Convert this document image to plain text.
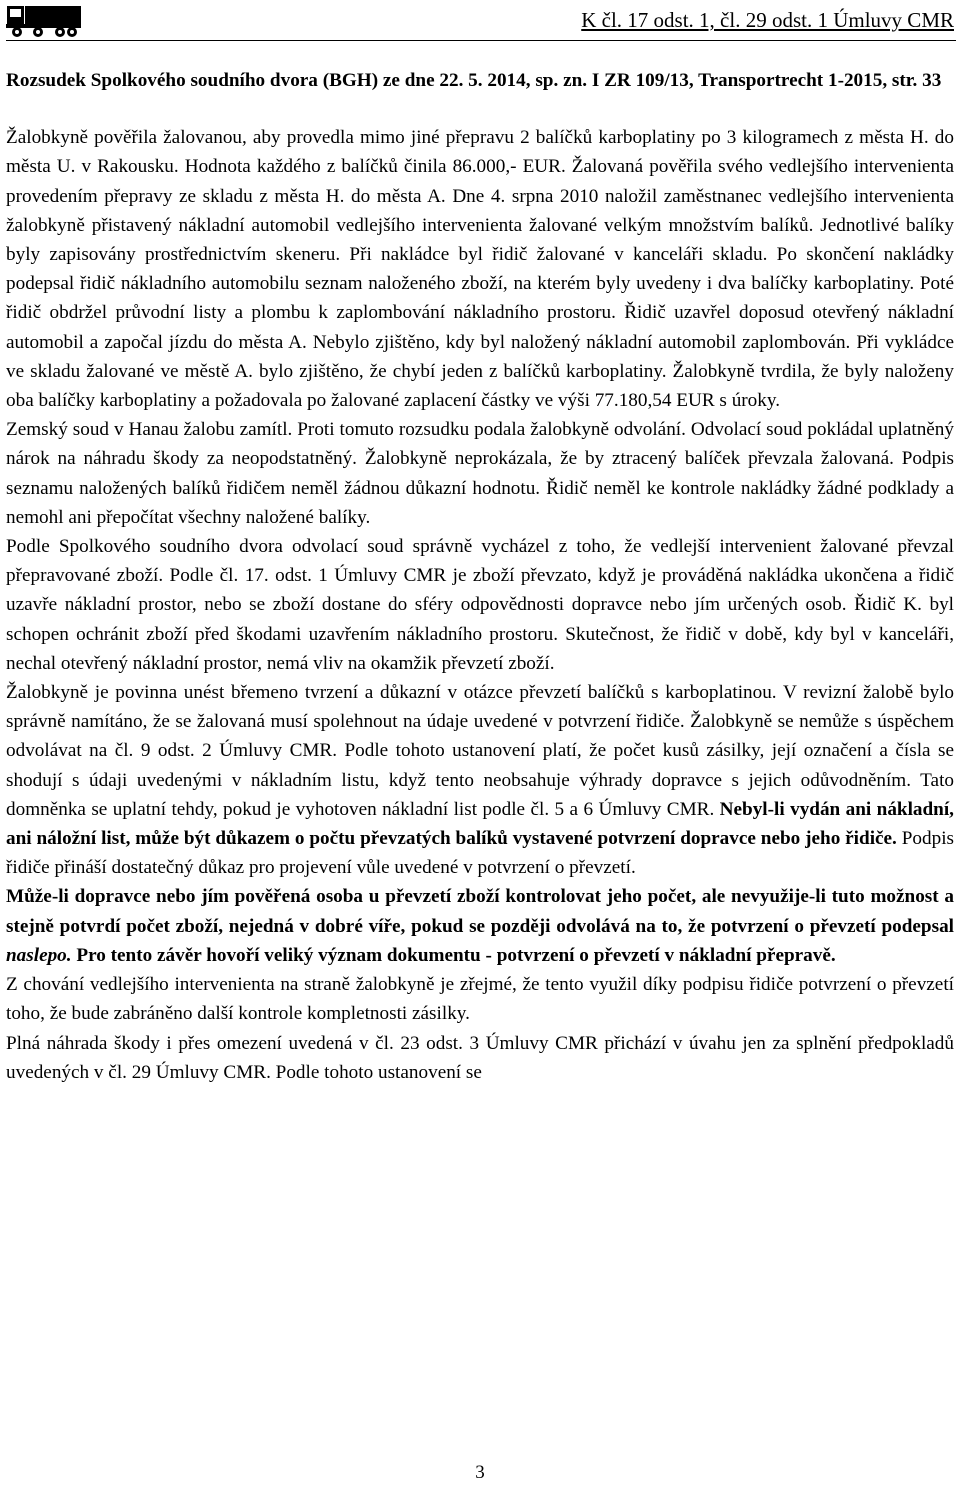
K čl. 17 odst. 1, čl. 29 odst. 1 Úmluvy CMR

Rozsudek Spolkového soudního dvora (BGH) ze dne 22. 5. 2014, sp. zn. I ZR 109/13, Transportrecht 1-2015, str. 33

Žalobkyně pověřila žalovanou, aby provedla mimo jiné přepravu 2 balíčků karboplatiny po 3 kilogramech z města H. do města U. v Rakousku. Hodnota každého z balíčků činila 86.000,- EUR. Žalovaná pověřila svého vedlejšího intervenienta provedením přepravy ze skladu z města H. do města A. Dne 4. srpna 2010 naložil zaměstnanec vedlejšího intervenienta žalobkyně přistavený nákladní automobil vedlejšího intervenienta žalované velkým množstvím balíků. Jednotlivé balíky byly zapisovány prostřednictvím skeneru. Při nakládce byl řidič žalované v kanceláři skladu. Po skončení nakládky podepsal řidič nákladního automobilu seznam naloženého zboží, na kterém byly uvedeny i dva balíčky karboplatiny. Poté řidič obdržel průvodní listy a plombu k zaplombování nákladního prostoru. Řidič uzavřel doposud otevřený nákladní automobil a započal jízdu do města A. Nebylo zjištěno, kdy byl naložený nákladní automobil zaplombován. Při vykládce ve skladu žalované ve městě A. bylo zjištěno, že chybí jeden z balíčků karboplatiny. Žalobkyně tvrdila, že byly naloženy oba balíčky karboplatiny a požadovala po žalované zaplacení částky ve výši 77.180,54 EUR s úroky.

Zemský soud v Hanau žalobu zamítl. Proti tomuto rozsudku podala žalobkyně odvolání. Odvolací soud pokládal uplatněný nárok na náhradu škody za neopodstatněný. Žalobkyně neprokázala, že by ztracený balíček převzala žalovaná. Podpis seznamu naložených balíků řidičem neměl žádnou důkazní hodnotu. Řidič neměl ke kontrole nakládky žádné podklady a nemohl ani přepočítat všechny naložené balíky.

Podle Spolkového soudního dvora odvolací soud správně vycházel z toho, že vedlejší intervenient žalované převzal přepravované zboží. Podle čl. 17. odst. 1 Úmluvy CMR je zboží převzato, když je prováděná nakládka ukončena a řidič uzavře nákladní prostor, nebo se zboží dostane do sféry odpovědnosti dopravce nebo jím určených osob. Řidič K. byl schopen ochránit zboží před škodami uzavřením nákladního prostoru. Skutečnost, že řidič v době, kdy byl v kanceláři, nechal otevřený nákladní prostor, nemá vliv na okamžik převzetí zboží.

Žalobkyně je povinna unést břemeno tvrzení a důkazní v otázce převzetí balíčků s karboplatinou. V revizní žalobě bylo správně namítáno, že se žalovaná musí spolehnout na údaje uvedené v potvrzení řidiče. Žalobkyně se nemůže s úspěchem odvolávat na čl. 9 odst. 2 Úmluvy CMR. Podle tohoto ustanovení platí, že počet kusů zásilky, její označení a čísla se shodují s údaji uvedenými v nákladním listu, když tento neobsahuje výhrady dopravce s jejich odůvodněním. Tato domněnka se uplatní tehdy, pokud je vyhotoven nákladní list podle čl. 5 a 6 Úmluvy CMR. Nebyl-li vydán ani nákladní, ani náložní list, může být důkazem o počtu převzatých balíků vystavené potvrzení dopravce nebo jeho řidiče. Podpis řidiče přináší dostatečný důkaz pro projevení vůle uvedené v potvrzení o převzetí.

Může-li dopravce nebo jím pověřená osoba u převzetí zboží kontrolovat jeho počet, ale nevyužije-li tuto možnost a stejně potvrdí počet zboží, nejedná v dobré víře, pokud se později odvolává na to, že potvrzení o převzetí podepsal naslepo. Pro tento závěr hovoří veliký význam dokumentu - potvrzení o převzetí v nákladní přepravě.

Z chování vedlejšího intervenienta na straně žalobkyně je zřejmé, že tento využil díky podpisu řidiče potvrzení o převzetí toho, že bude zabráněno další kontrole kompletnosti zásilky.

Plná náhrada škody i přes omezení uvedená v čl. 23 odst. 3 Úmluvy CMR přichází v úvahu jen za splnění předpokladů uvedených v čl. 29 Úmluvy CMR. Podle tohoto ustanovení se

3
